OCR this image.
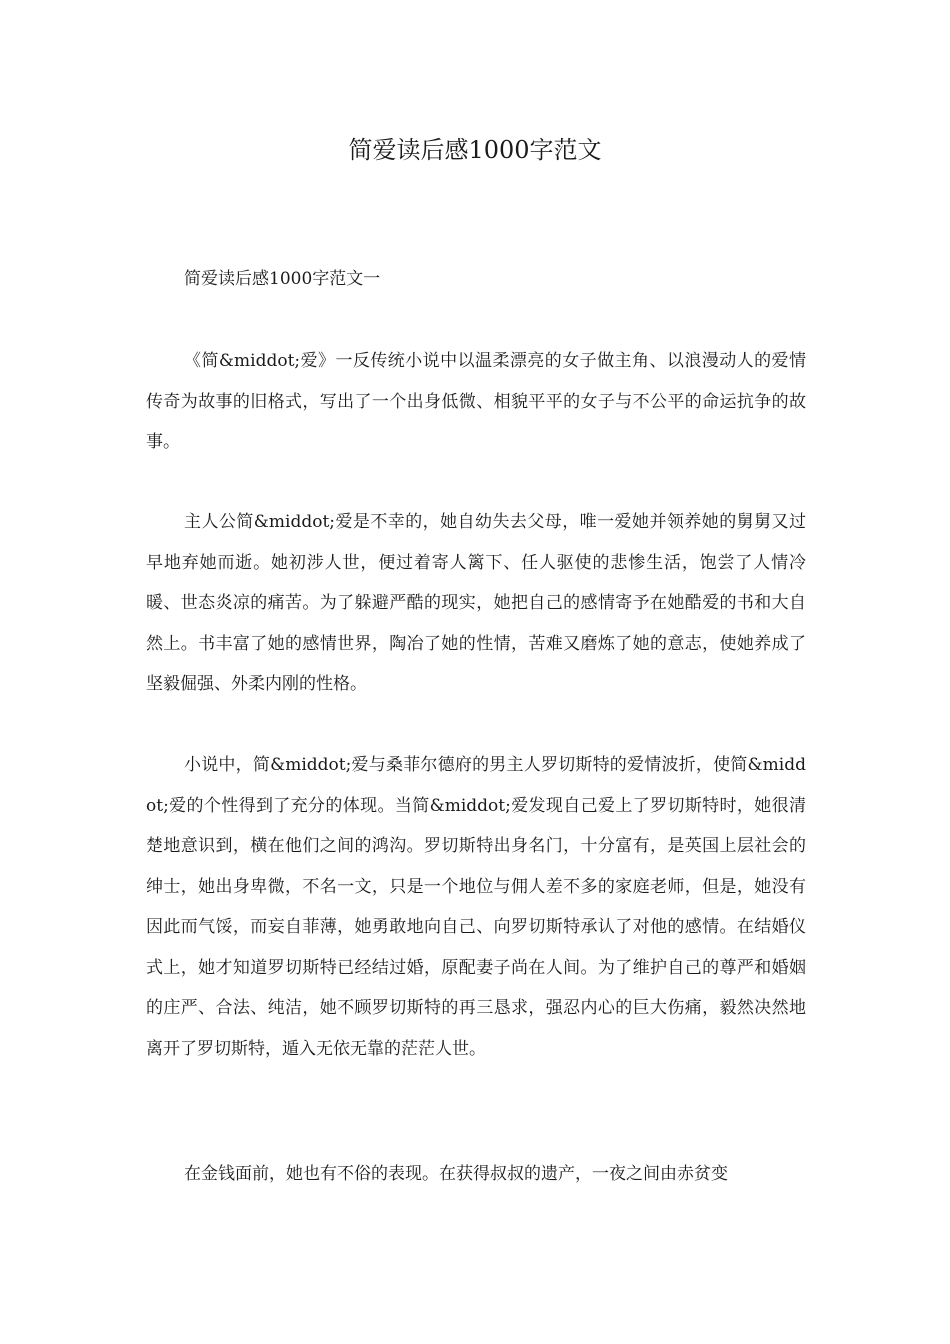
简爱读后感1000字范文
简爱读后感1000字范文一

《简&middot;爱》一反传统小说中以温柔漂亮的女子做主角、以浪漫动人的爱情传奇为故事的旧格式，写出了一个出身低微、相貌平平的女子与不公平的命运抗争的故事。

主人公简&middot;爱是不幸的，她自幼失去父母，唯一爱她并领养她的舅舅又过早地弃她而逝。她初涉人世，便过着寄人篱下、任人驱使的悲惨生活，饱尝了人情冷暖、世态炎凉的痛苦。为了躲避严酷的现实，她把自己的感情寄予在她酷爱的书和大自然上。书丰富了她的感情世界，陶冶了她的性情，苦难又磨炼了她的意志，使她养成了坚毅倔强、外柔内刚的性格。

小说中，简&middot;爱与桑菲尔德府的男主人罗切斯特的爱情波折，使简&middot;爱的个性得到了充分的体现。当简&middot;爱发现自己爱上了罗切斯特时，她很清楚地意识到，横在他们之间的鸿沟。罗切斯特出身名门，十分富有，是英国上层社会的绅士，她出身卑微，不名一文，只是一个地位与佣人差不多的家庭老师，但是，她没有因此而气馁，而妄自菲薄，她勇敢地向自己、向罗切斯特承认了对他的感情。在结婚仪式上，她才知道罗切斯特已经结过婚，原配妻子尚在人间。为了维护自己的尊严和婚姻的庄严、合法、纯洁，她不顾罗切斯特的再三恳求，强忍内心的巨大伤痛，毅然决然地离开了罗切斯特，遁入无依无靠的茫茫人世。

在金钱面前，她也有不俗的表现。在获得叔叔的遗产，一夜之间由赤贫变
